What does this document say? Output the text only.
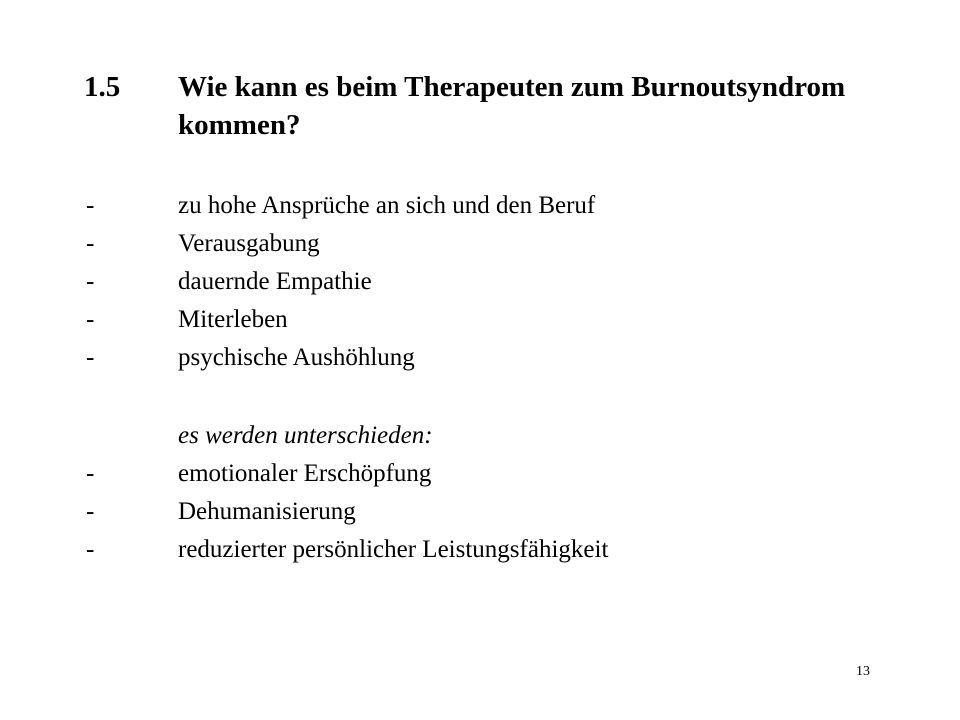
1.5 Wie kann es beim Therapeuten zum Burnoutsyndrom kommen?
-	zu hohe Ansprüche an sich und den Beruf
-	Verausgabung
-	dauernde Empathie
-	Miterleben
-	psychische Aushöhlung
es werden unterschieden:
-	emotionaler Erschöpfung
-	Dehumanisierung
-	reduzierter persönlicher Leistungsfähigkeit
13
